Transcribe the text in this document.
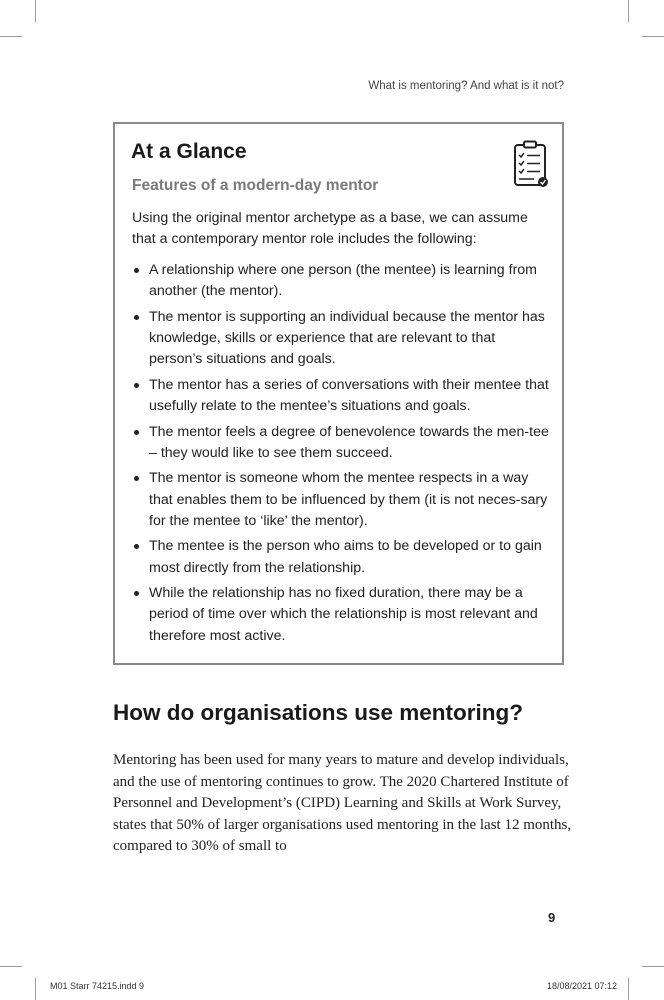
What is mentoring? And what is it not?
At a Glance
Features of a modern-day mentor

Using the original mentor archetype as a base, we can assume that a contemporary mentor role includes the following:

A relationship where one person (the mentee) is learning from another (the mentor).
The mentor is supporting an individual because the mentor has knowledge, skills or experience that are relevant to that person’s situations and goals.
The mentor has a series of conversations with their mentee that usefully relate to the mentee’s situations and goals.
The mentor feels a degree of benevolence towards the men-tee – they would like to see them succeed.
The mentor is someone whom the mentee respects in a way that enables them to be influenced by them (it is not neces-sary for the mentee to ‘like’ the mentor).
The mentee is the person who aims to be developed or to gain most directly from the relationship.
While the relationship has no fixed duration, there may be a period of time over which the relationship is most relevant and therefore most active.
How do organisations use mentoring?

Mentoring has been used for many years to mature and develop individuals, and the use of mentoring continues to grow. The 2020 Chartered Institute of Personnel and Development’s (CIPD) Learning and Skills at Work Survey, states that 50% of larger organisations used mentoring in the last 12 months, compared to 30% of small to

9
M01 Starr 74215.indd 9	18/08/2021 07:12
